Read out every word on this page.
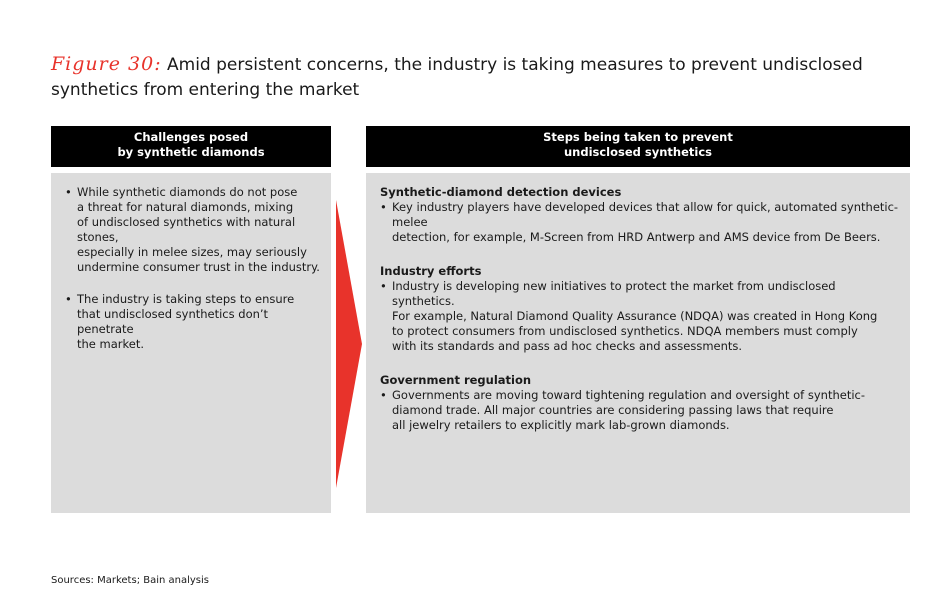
Figure 30: Amid persistent concerns, the industry is taking measures to prevent undisclosed synthetics from entering the market
Challenges posed
by synthetic diamonds
Steps being taken to prevent
undisclosed synthetics
• While synthetic diamonds do not pose
a threat for natural diamonds, mixing
of undisclosed synthetics with natural stones,
especially in melee sizes, may seriously
undermine consumer trust in the industry.
• The industry is taking steps to ensure
that undisclosed synthetics don’t penetrate
the market.
Synthetic-diamond detection devices
• Key industry players have developed devices that allow for quick, automated synthetic-melee
detection, for example, M-Screen from HRD Antwerp and AMS device from De Beers.
Industry efforts
• Industry is developing new initiatives to protect the market from undisclosed synthetics.
For example, Natural Diamond Quality Assurance (NDQA) was created in Hong Kong
to protect consumers from undisclosed synthetics. NDQA members must comply
with its standards and pass ad hoc checks and assessments.
Government regulation
• Governments are moving toward tightening regulation and oversight of synthetic-
diamond trade. All major countries are considering passing laws that require
all jewelry retailers to explicitly mark lab-grown diamonds.
Sources: Markets; Bain analysis
